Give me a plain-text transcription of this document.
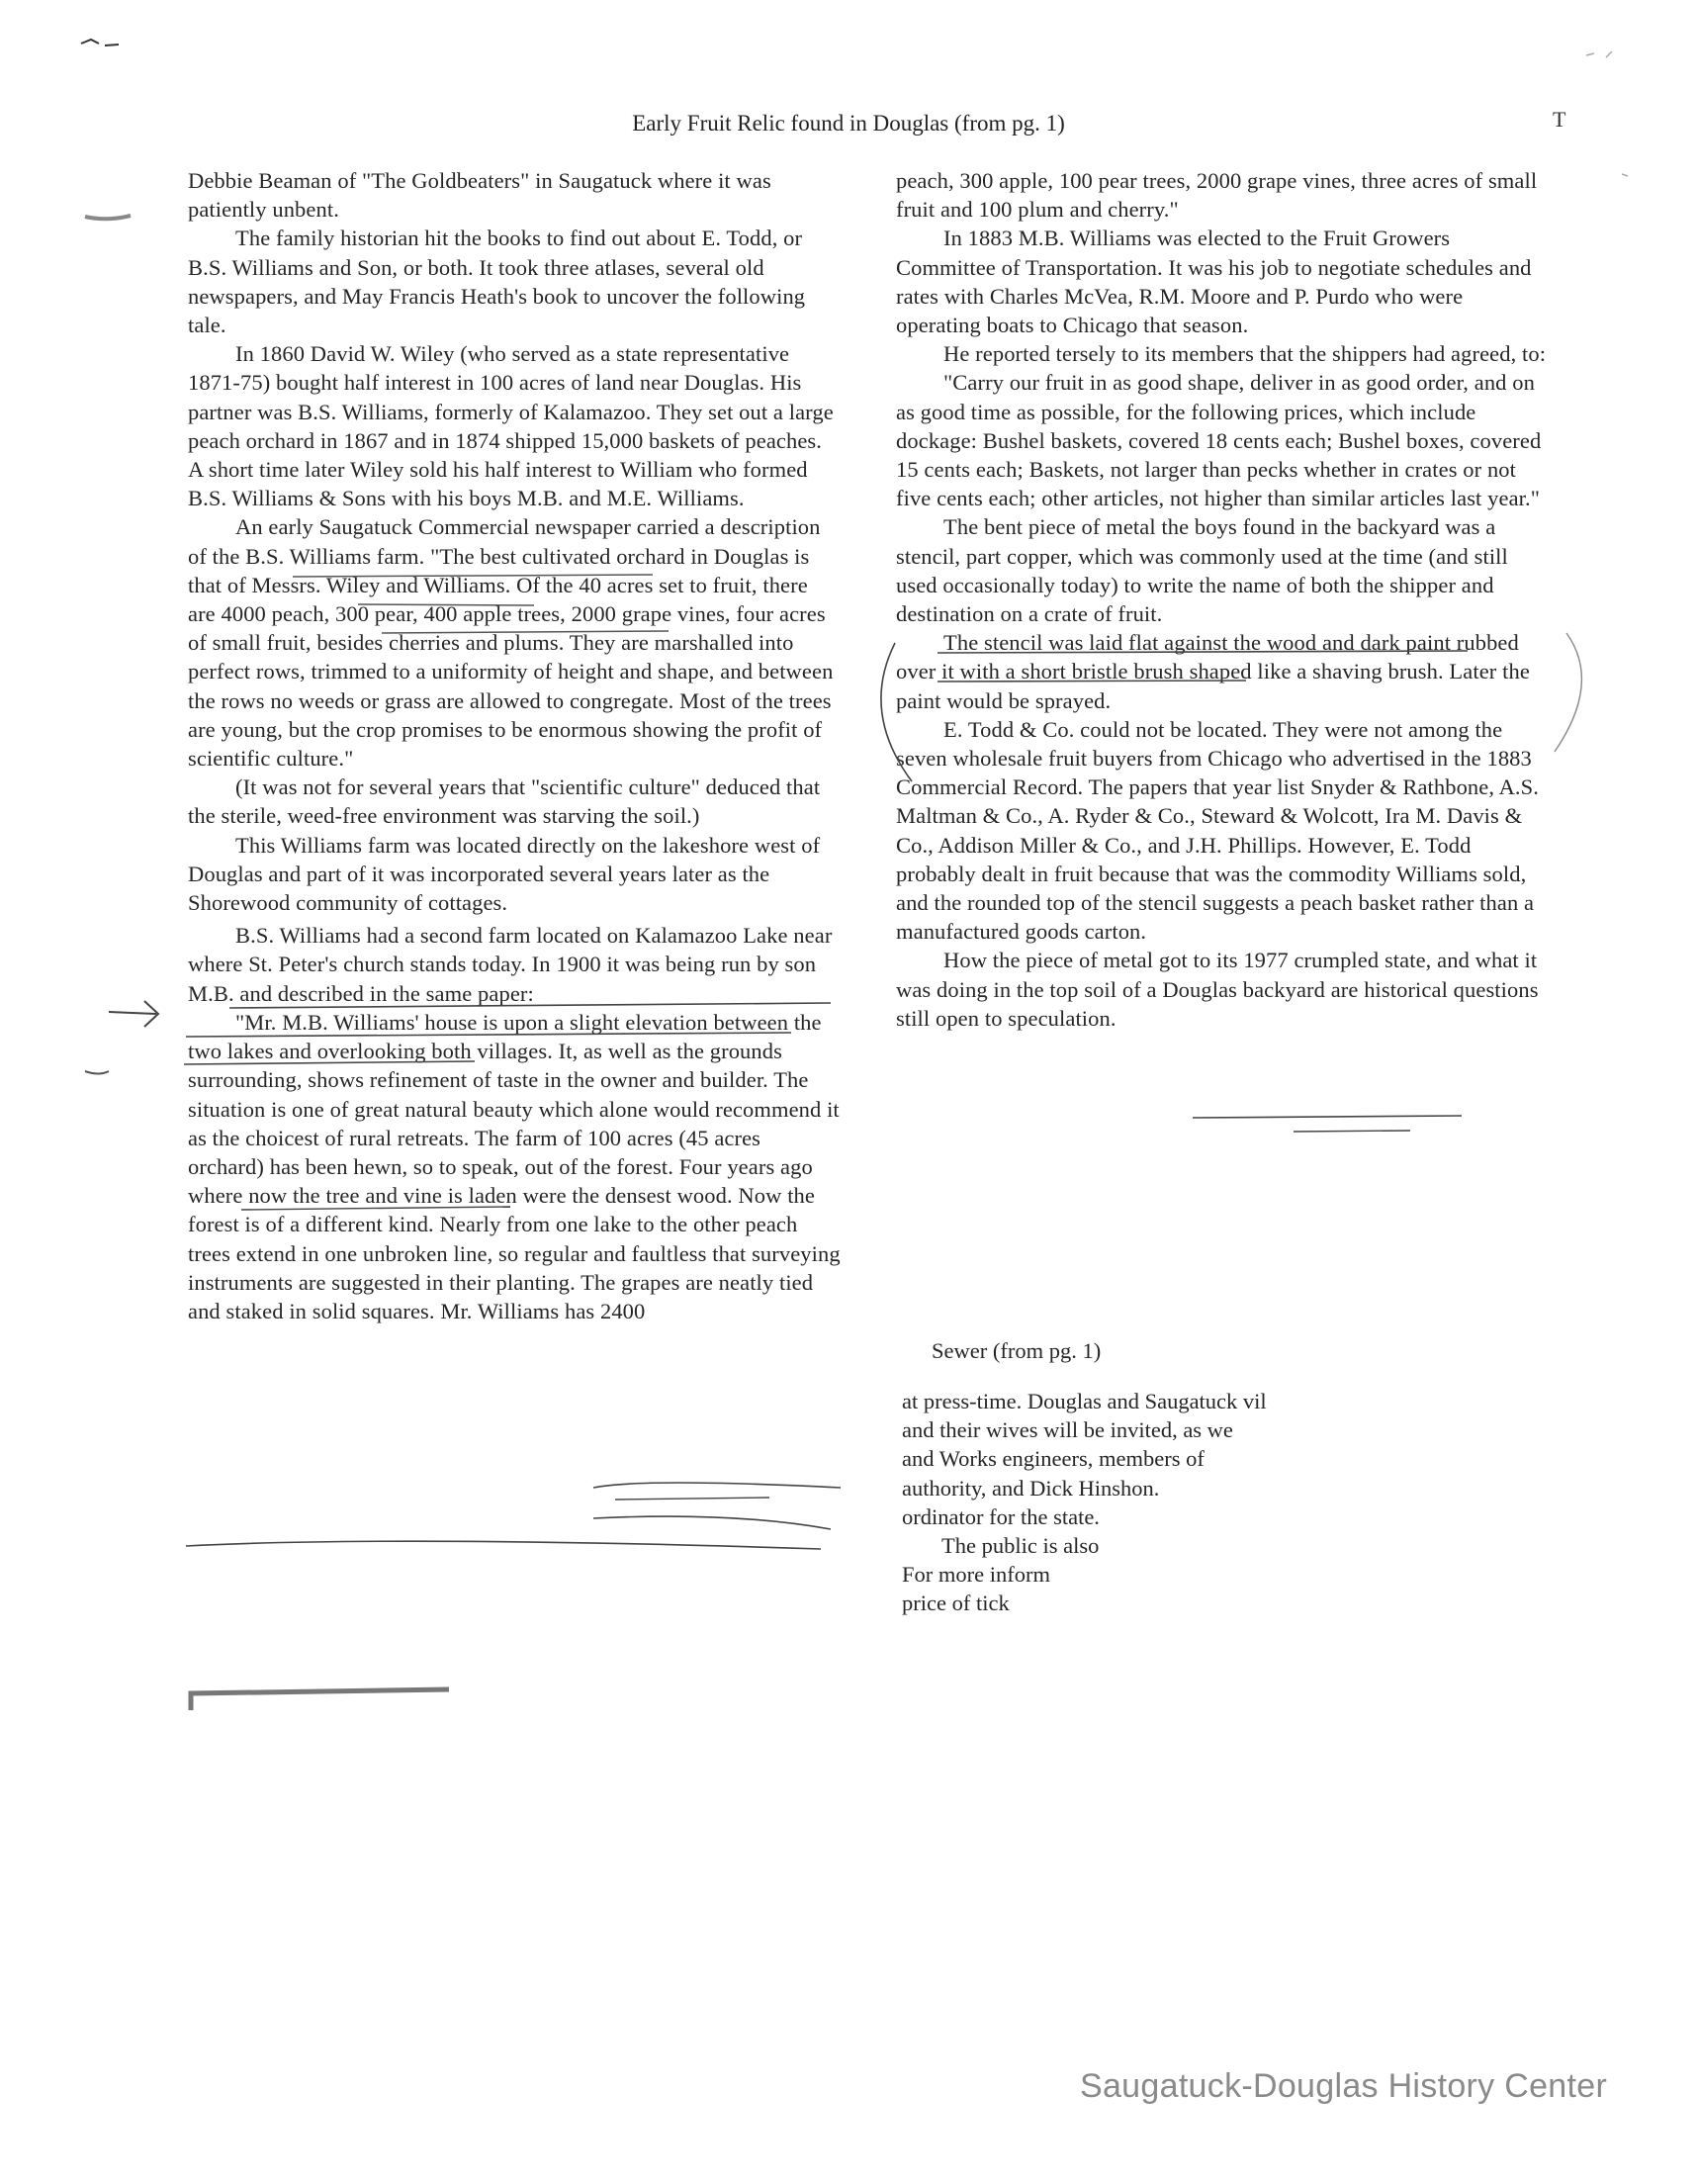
Early Fruit Relic found in Douglas (from pg. 1)	T

Debbie Beaman of "The Goldbeaters" in Saugatuck where it was patiently unbent.

The family historian hit the books to find out about E. Todd, or B.S. Williams and Son, or both. It took three atlases, several old newspapers, and May Francis Heath's book to uncover the following tale.

In 1860 David W. Wiley (who served as a state representative 1871-75) bought half interest in 100 acres of land near Douglas. His partner was B.S. Williams, formerly of Kalamazoo. They set out a large peach orchard in 1867 and in 1874 shipped 15,000 baskets of peaches. A short time later Wiley sold his half interest to William who formed B.S. Williams & Sons with his boys M.B. and M.E. Williams.

An early Saugatuck Commercial newspaper carried a description of the B.S. Williams farm. "The best cultivated orchard in Douglas is that of Messrs. Wiley and Williams. Of the 40 acres set to fruit, there are 4000 peach, 300 pear, 400 apple trees, 2000 grape vines, four acres of small fruit, besides cherries and plums. They are marshalled into perfect rows, trimmed to a uniformity of height and shape, and between the rows no weeds or grass are allowed to congregate. Most of the trees are young, but the crop promises to be enormous showing the profit of scientific culture."

(It was not for several years that "scientific culture" deduced that the sterile, weed-free environment was starving the soil.)

This Williams farm was located directly on the lakeshore west of Douglas and part of it was incorporated several years later as the Shorewood community of cottages.

B.S. Williams had a second farm located on Kalamazoo Lake near where St. Peter's church stands today. In 1900 it was being run by son M.B. and described in the same paper:

"Mr. M.B. Williams' house is upon a slight elevation between the two lakes and overlooking both villages. It, as well as the grounds surrounding, shows refinement of taste in the owner and builder. The situation is one of great natural beauty which alone would recommend it as the choicest of rural retreats. The farm of 100 acres (45 acres orchard) has been hewn, so to speak, out of the forest. Four years ago where now the tree and vine is laden were the densest wood. Now the forest is of a different kind. Nearly from one lake to the other peach trees extend in one unbroken line, so regular and faultless that surveying instruments are suggested in their planting. The grapes are neatly tied and staked in solid squares. Mr. Williams has 2400

peach, 300 apple, 100 pear trees, 2000 grape vines, three acres of small fruit and 100 plum and cherry."

In 1883 M.B. Williams was elected to the Fruit Growers Committee of Transportation. It was his job to negotiate schedules and rates with Charles McVea, R.M. Moore and P. Purdo who were operating boats to Chicago that season.

He reported tersely to its members that the shippers had agreed, to:

"Carry our fruit in as good shape, deliver in as good order, and on as good time as possible, for the following prices, which include dockage: Bushel baskets, covered 18 cents each; Bushel boxes, covered 15 cents each; Baskets, not larger than pecks whether in crates or not five cents each; other articles, not higher than similar articles last year."

The bent piece of metal the boys found in the backyard was a stencil, part copper, which was commonly used at the time (and still used occasionally today) to write the name of both the shipper and destination on a crate of fruit.

The stencil was laid flat against the wood and dark paint rubbed over it with a short bristle brush shaped like a shaving brush. Later the paint would be sprayed.

E. Todd & Co. could not be located. They were not among the seven wholesale fruit buyers from Chicago who advertised in the 1883 Commercial Record. The papers that year list Snyder & Rathbone, A.S. Maltman & Co., A. Ryder & Co., Steward & Wolcott, Ira M. Davis & Co., Addison Miller & Co., and J.H. Phillips. However, E. Todd probably dealt in fruit because that was the commodity Williams sold, and the rounded top of the stencil suggests a peach basket rather than a manufactured goods carton.

How the piece of metal got to its 1977 crumpled state, and what it was doing in the top soil of a Douglas backyard are historical questions still open to speculation.

Sewer (from pg. 1)

at press-time. Douglas and Saugatuck vil

and their wives will be invited, as we

and Works engineers, members of

authority, and Dick Hinshon.

ordinator for the state.

The public is also

For more inform

price of tick

Saugatuck-Douglas History Center
